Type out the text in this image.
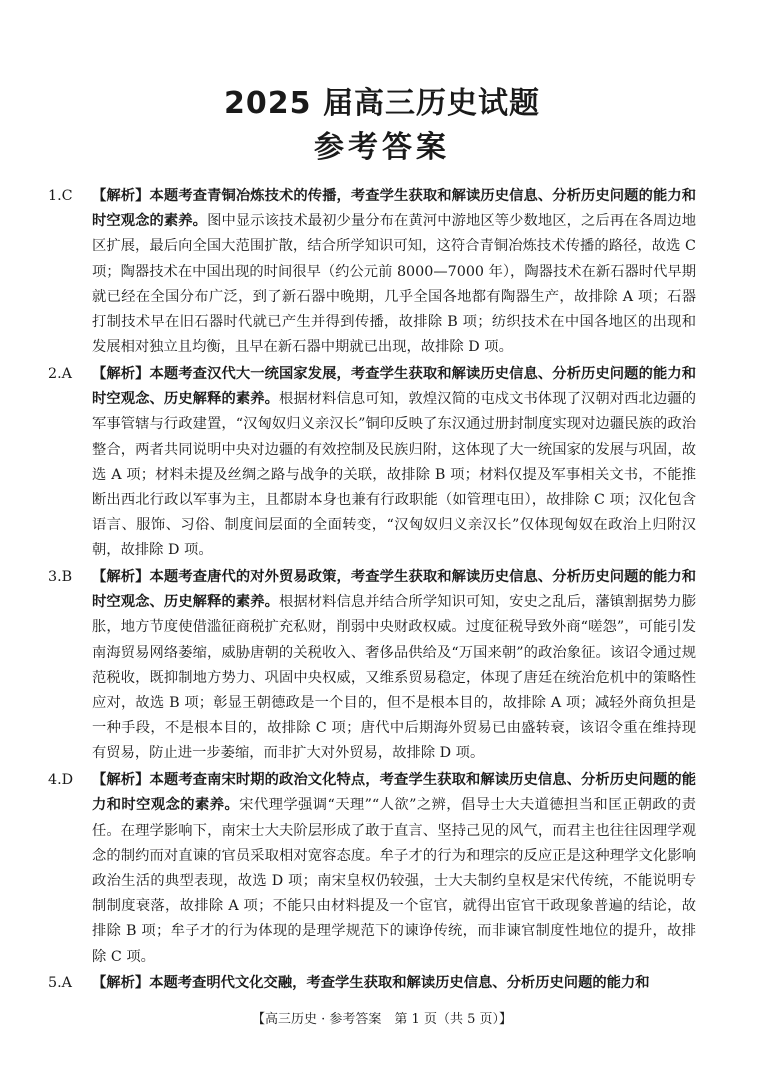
2025 届高三历史试题
参考答案

1.C 【解析】本题考查青铜冶炼技术的传播，考查学生获取和解读历史信息、分析历史问题的能力和时空观念的素养。图中显示该技术最初少量分布在黄河中游地区等少数地区，之后再在各周边地区扩展，最后向全国大范围扩散，结合所学知识可知，这符合青铜冶炼技术传播的路径，故选 C 项；陶器技术在中国出现的时间很早（约公元前 8000—7000 年），陶器技术在新石器时代早期就已经在全国分布广泛，到了新石器中晚期，几乎全国各地都有陶器生产，故排除 A 项；石器打制技术早在旧石器时代就已产生并得到传播，故排除 B 项；纺织技术在中国各地区的出现和发展相对独立且均衡，且早在新石器中期就已出现，故排除 D 项。

2.A 【解析】本题考查汉代大一统国家发展，考查学生获取和解读历史信息、分析历史问题的能力和时空观念、历史解释的素养。根据材料信息可知，敦煌汉简的屯戍文书体现了汉朝对西北边疆的军事管辖与行政建置，“汉匈奴归义亲汉长”铜印反映了东汉通过册封制度实现对边疆民族的政治整合，两者共同说明中央对边疆的有效控制及民族归附，这体现了大一统国家的发展与巩固，故选 A 项；材料未提及丝绸之路与战争的关联，故排除 B 项；材料仅提及军事相关文书，不能推断出西北行政以军事为主，且都尉本身也兼有行政职能（如管理屯田），故排除 C 项；汉化包含语言、服饰、习俗、制度间层面的全面转变，“汉匈奴归义亲汉长”仅体现匈奴在政治上归附汉朝，故排除 D 项。

3.B 【解析】本题考查唐代的对外贸易政策，考查学生获取和解读历史信息、分析历史问题的能力和时空观念、历史解释的素养。根据材料信息并结合所学知识可知，安史之乱后，藩镇割据势力膨胀，地方节度使借滥征商税扩充私财，削弱中央财政权威。过度征税导致外商“嗟怨”，可能引发南海贸易网络萎缩，威胁唐朝的关税收入、奢侈品供给及“万国来朝”的政治象征。该诏令通过规范税收，既抑制地方势力、巩固中央权威，又维系贸易稳定，体现了唐廷在统治危机中的策略性应对，故选 B 项；彰显王朝德政是一个目的，但不是根本目的，故排除 A 项；减轻外商负担是一种手段，不是根本目的，故排除 C 项；唐代中后期海外贸易已由盛转衰，该诏令重在维持现有贸易，防止进一步萎缩，而非扩大对外贸易，故排除 D 项。

4.D 【解析】本题考查南宋时期的政治文化特点，考查学生获取和解读历史信息、分析历史问题的能力和时空观念的素养。宋代理学强调“天理”“人欲”之辨，倡导士大夫道德担当和匡正朝政的责任。在理学影响下，南宋士大夫阶层形成了敢于直言、坚持己见的风气，而君主也往往因理学观念的制约而对直谏的官员采取相对宽容态度。牟子才的行为和理宗的反应正是这种理学文化影响政治生活的典型表现，故选 D 项；南宋皇权仍较强，士大夫制约皇权是宋代传统，不能说明专制制度衰落，故排除 A 项；不能只由材料提及一个宦官，就得出宦官干政现象普遍的结论，故排除 B 项；牟子才的行为体现的是理学规范下的谏诤传统，而非谏官制度性地位的提升，故排除 C 项。

5.A 【解析】本题考查明代文化交融，考查学生获取和解读历史信息、分析历史问题的能力和

【高三历史 · 参考答案　第 1 页（共 5 页）】
